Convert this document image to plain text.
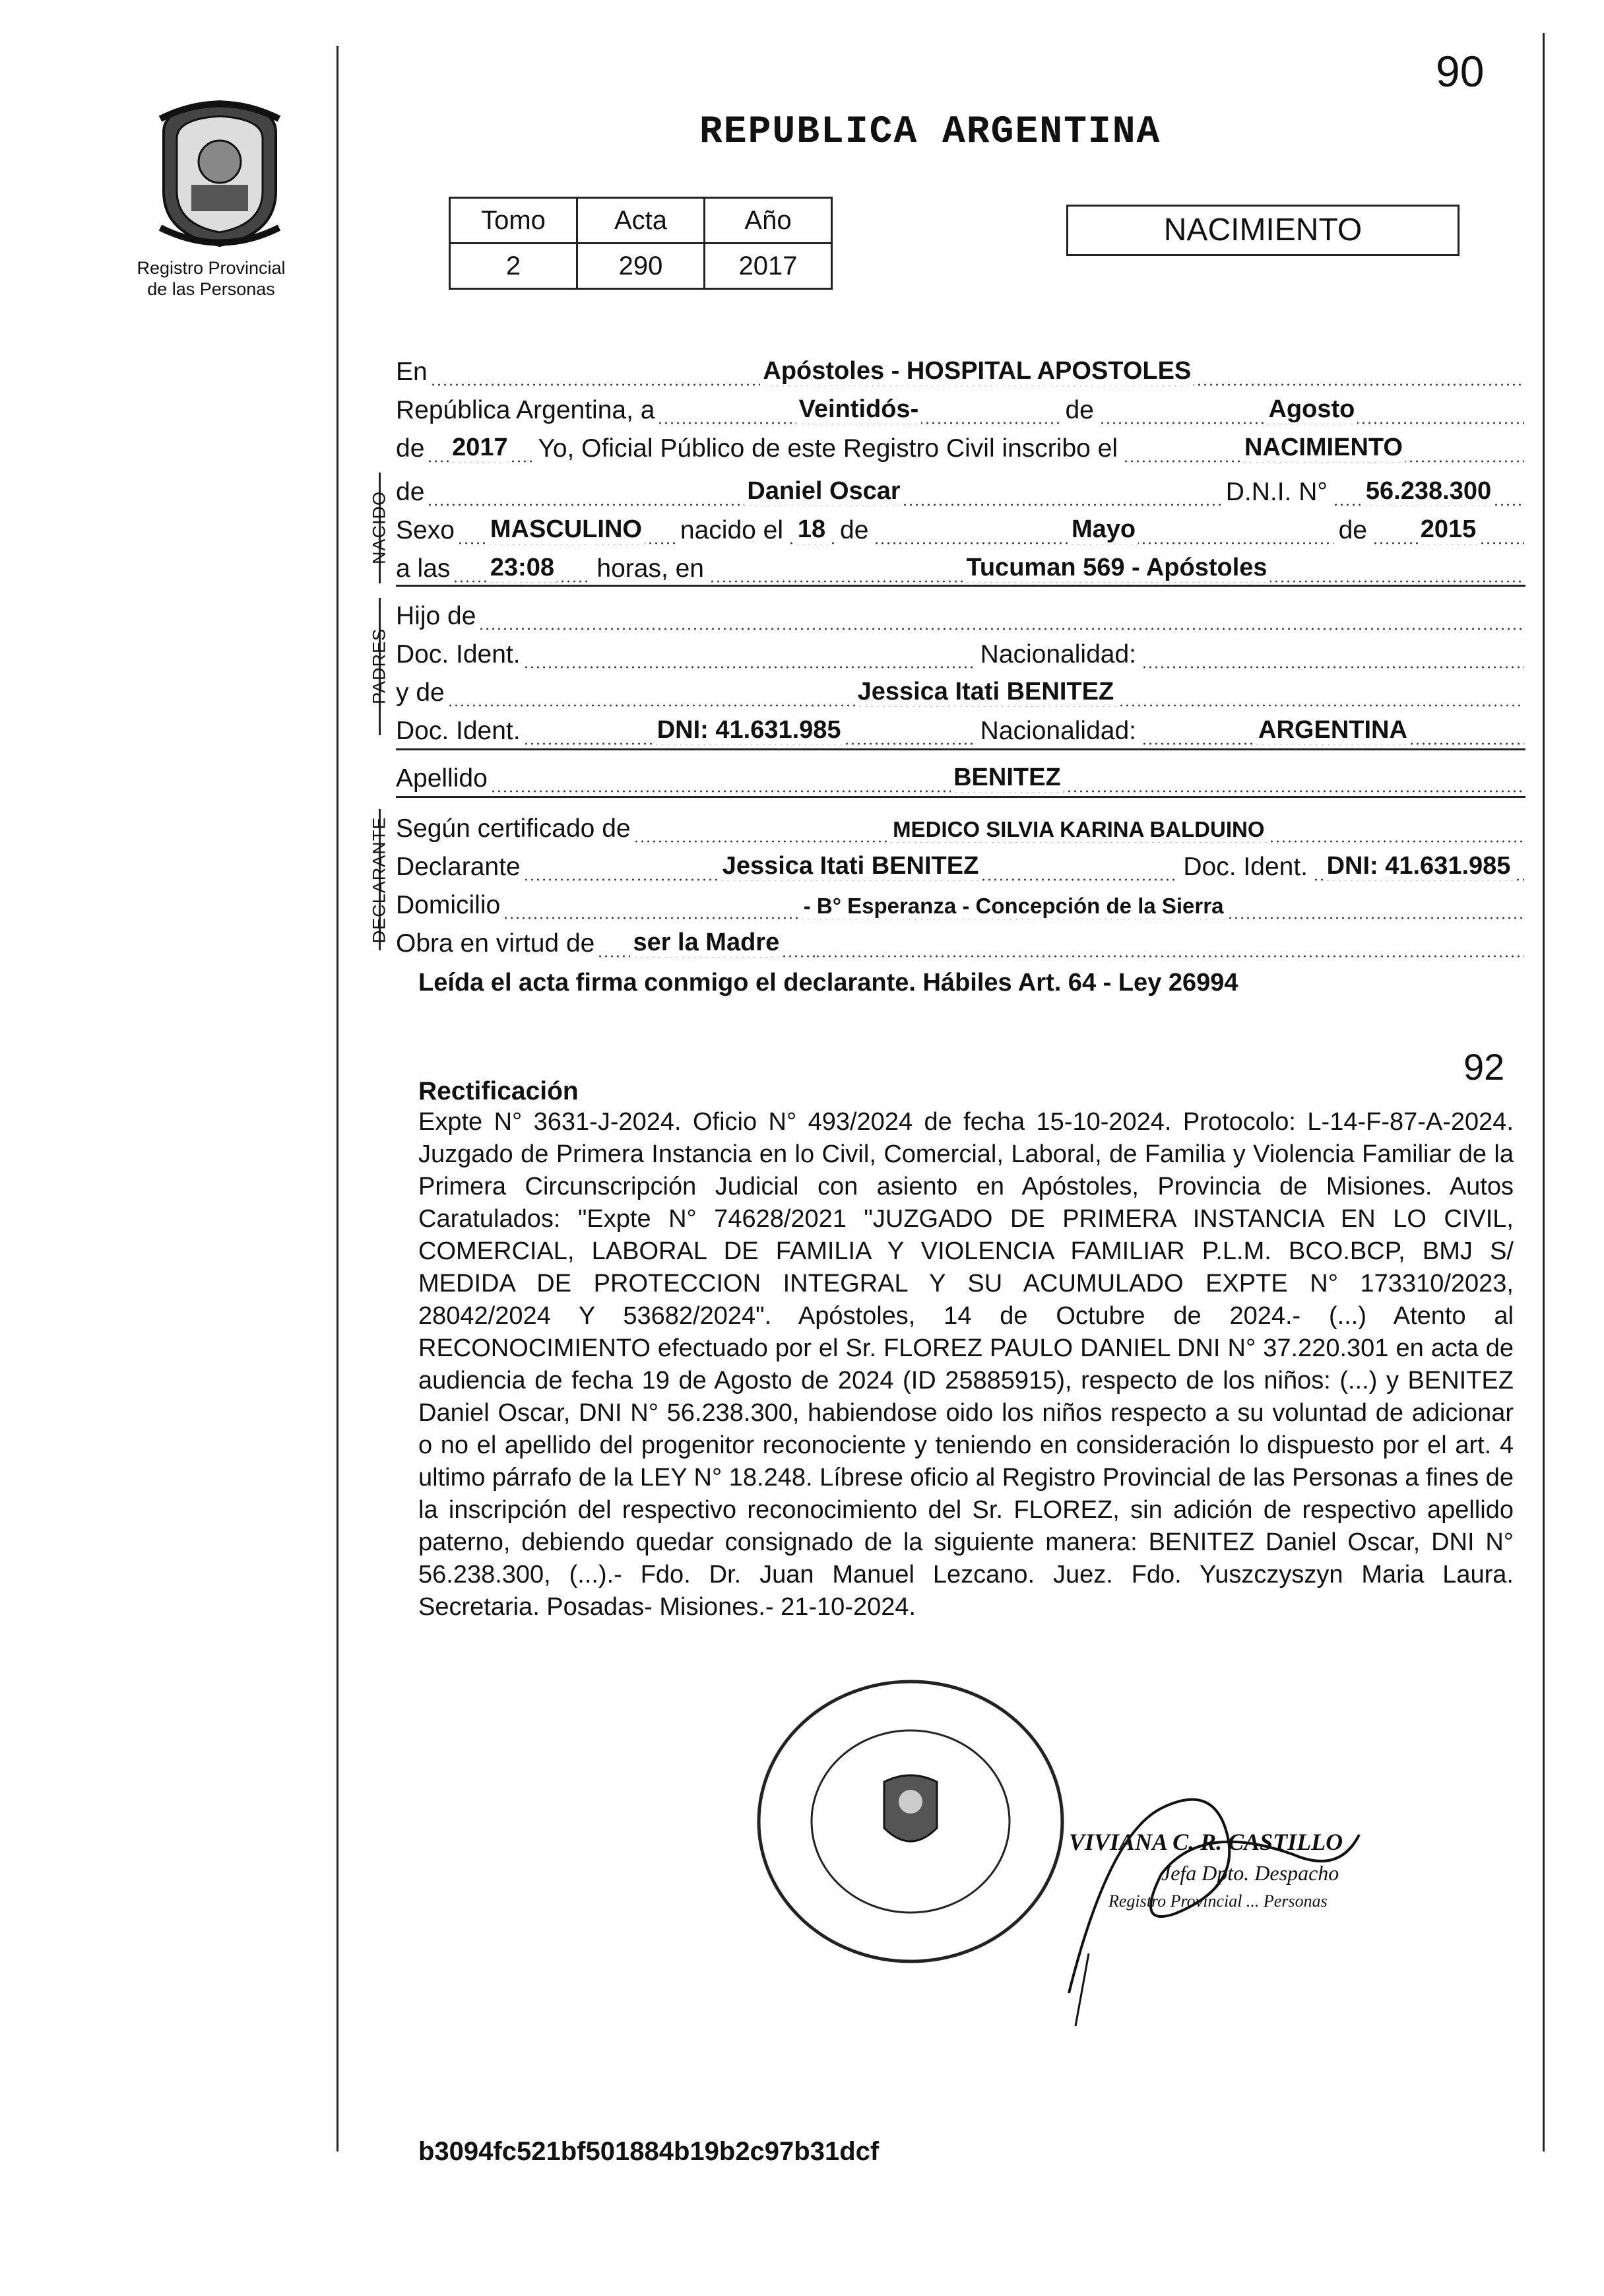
Registro Provincial
de las Personas
90
REPUBLICA ARGENTINA
Tomo	Acta	Año
2	290	2017
NACIMIENTO
En	Apóstoles - HOSPITAL APOSTOLES
República Argentina, a	Veintidós-	de	Agosto
de 2017 Yo, Oficial Público de este Registro Civil inscribo el	NACIMIENTO
NACIDO de	Daniel Oscar	D.N.I. N° 56.238.300
Sexo MASCULINO nacido el 18 de	Mayo	de 2015
a las 23:08 horas, en	Tucuman 569 - Apóstoles
PADRES
Hijo de
Doc. Ident.	Nacionalidad:
y de	Jessica Itati BENITEZ
Doc. Ident.	DNI: 41.631.985	Nacionalidad:	ARGENTINA
Apellido	BENITEZ
DECLARANTE Según certificado de	MEDICO SILVIA KARINA BALDUINO
Declarante	Jessica Itati BENITEZ	Doc. Ident. DNI: 41.631.985
Domicilio	- B° Esperanza - Concepción de la Sierra
Obra en virtud de ser la Madre
Leída el acta firma conmigo el declarante. Hábiles Art. 64 - Ley 26994
92
Rectificación
Expte N° 3631-J-2024. Oficio N° 493/2024 de fecha 15-10-2024. Protocolo: L-14-F-87-A-2024. Juzgado de Primera Instancia en lo Civil, Comercial, Laboral, de Familia y Violencia Familiar de la Primera Circunscripción Judicial con asiento en Apóstoles, Provincia de Misiones. Autos Caratulados: "Expte N° 74628/2021 "JUZGADO DE PRIMERA INSTANCIA EN LO CIVIL, COMERCIAL, LABORAL DE FAMILIA Y VIOLENCIA FAMILIAR P.L.M. BCO.BCP, BMJ S/ MEDIDA DE PROTECCION INTEGRAL Y SU ACUMULADO EXPTE N° 173310/2023, 28042/2024 Y 53682/2024". Apóstoles, 14 de Octubre de 2024.- (...) Atento al RECONOCIMIENTO efectuado por el Sr. FLOREZ PAULO DANIEL DNI N° 37.220.301 en acta de audiencia de fecha 19 de Agosto de 2024 (ID 25885915), respecto de los niños: (...) y BENITEZ Daniel Oscar, DNI N° 56.238.300, habiendose oido los niños respecto a su voluntad de adicionar o no el apellido del progenitor reconociente y teniendo en consideración lo dispuesto por el art. 4 ultimo párrafo de la LEY N° 18.248. Líbrese oficio al Registro Provincial de las Personas a fines de la inscripción del respectivo reconocimiento del Sr. FLOREZ, sin adición de respectivo apellido paterno, debiendo quedar consignado de la siguiente manera: BENITEZ Daniel Oscar, DNI N° 56.238.300, (...).- Fdo. Dr. Juan Manuel Lezcano. Juez. Fdo. Yuszczyszyn Maria Laura. Secretaria. Posadas- Misiones.- 21-10-2024.
VIVIANA C. R. CASTILLO
Jefa Dpto. Despacho
Registro Provincial ... Personas
b3094fc521bf501884b19b2c97b31dcf
